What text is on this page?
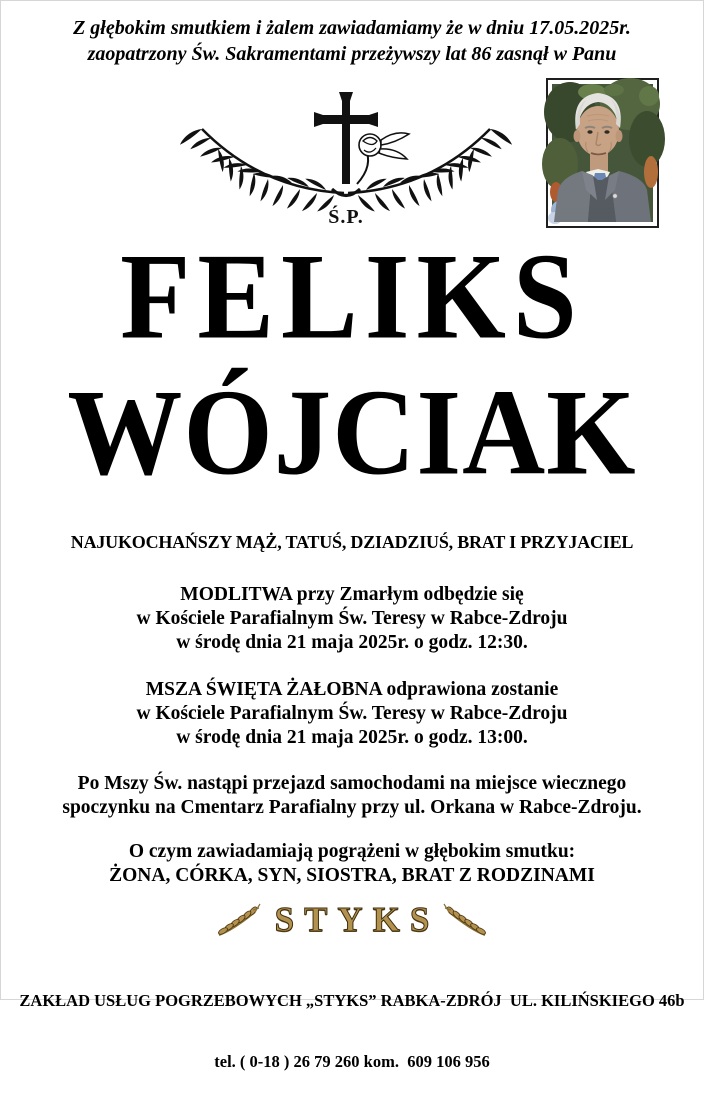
Z głębokim smutkiem i żalem zawiadamiamy że w dniu 17.05.2025r.
zaopatrzony Św. Sakramentami przeżywszy lat 86 zasnął w Panu
Ś.P.
FELIKS
WÓJCIAK
NAJUKOCHAŃSZY MĄŻ, TATUŚ, DZIADZIUŚ, BRAT I PRZYJACIEL
MODLITWA przy Zmarłym odbędzie się
w Kościele Parafialnym Św. Teresy w Rabce-Zdroju
w środę dnia 21 maja 2025r. o godz. 12:30.
MSZA ŚWIĘTA ŻAŁOBNA odprawiona zostanie
w Kościele Parafialnym Św. Teresy w Rabce-Zdroju
w środę dnia 21 maja 2025r. o godz. 13:00.
Po Mszy Św. nastąpi przejazd samochodami na miejsce wiecznego
spoczynku na Cmentarz Parafialny przy ul. Orkana w Rabce-Zdroju.
O czym zawiadamiają pogrążeni w głębokim smutku:
ŻONA, CÓRKA, SYN, SIOSTRA, BRAT Z RODZINAMI
STYKS

ZAKŁAD USŁUG POGRZEBOWYCH „STYKS” RABKA-ZDRÓJ  UL. KILIŃSKIEGO 46b

tel. ( 0-18 ) 26 79 260 kom.  609 106 956
